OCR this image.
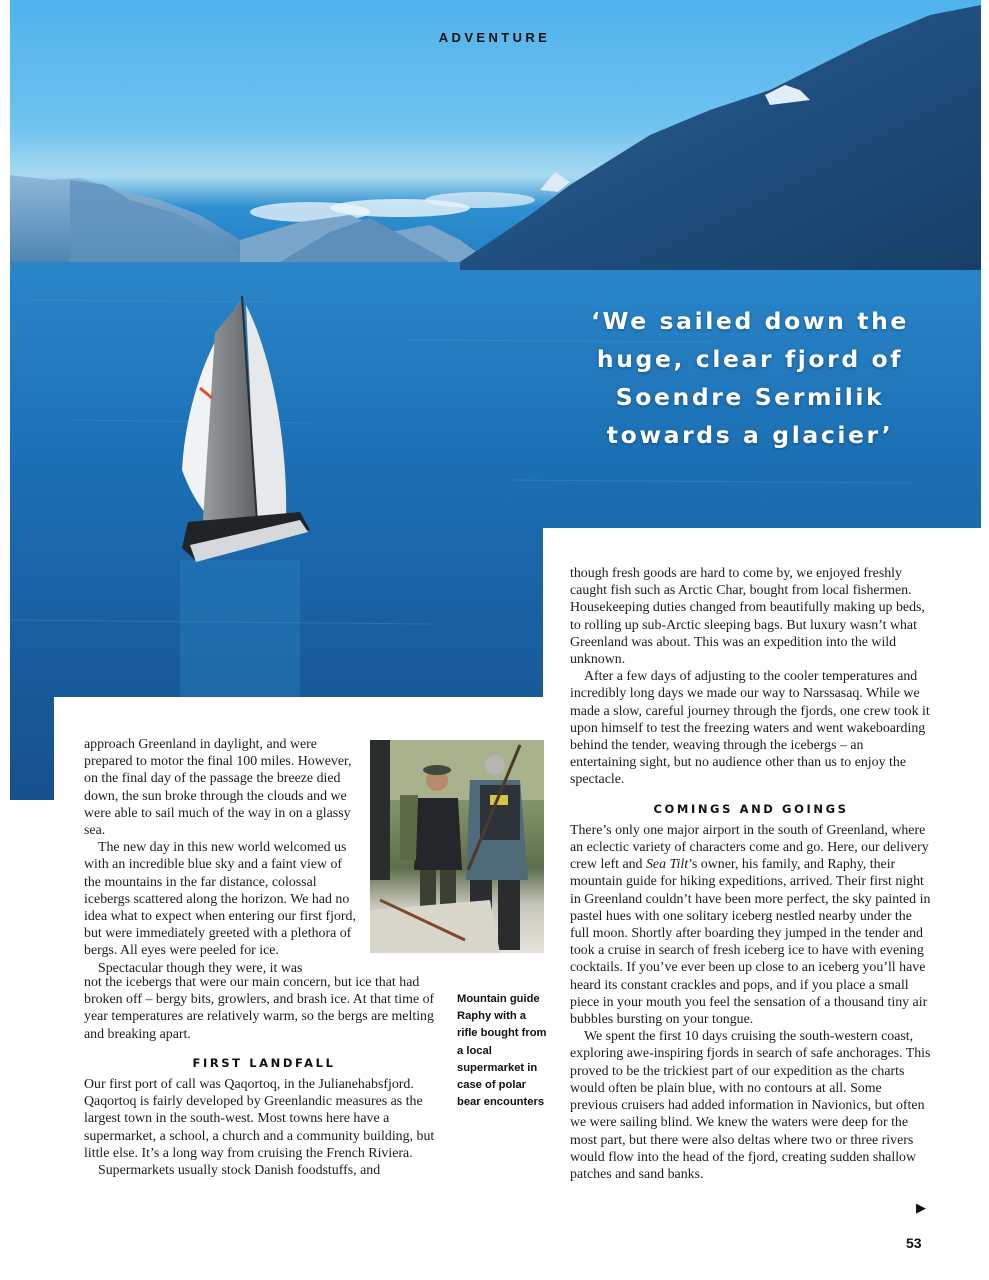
ADVENTURE
‘We sailed down the huge, clear fjord of Soendre Sermilik towards a glacier’

approach Greenland in daylight, and were prepared to motor the final 100 miles. However, on the final day of the passage the breeze died down, the sun broke through the clouds and we were able to sail much of the way in on a glassy sea.

The new day in this new world welcomed us with an incredible blue sky and a faint view of the mountains in the far distance, colossal icebergs scattered along the horizon. We had no idea what to expect when entering our first fjord, but were immediately greeted with a plethora of bergs. All eyes were peeled for ice.

Spectacular though they were, it was

not the icebergs that were our main concern, but ice that had broken off – bergy bits, growlers, and brash ice. At that time of year temperatures are relatively warm, so the bergs are melting and breaking apart.

FIRST LANDFALL

Our first port of call was Qaqortoq, in the Julianehabsfjord. Qaqortoq is fairly developed by Greenlandic measures as the largest town in the south-west. Most towns here have a supermarket, a school, a church and a community building, but little else. It’s a long way from cruising the French Riviera.

Supermarkets usually stock Danish foodstuffs, and

Mountain guide Raphy with a rifle bought from a local supermarket in case of polar bear encounters

though fresh goods are hard to come by, we enjoyed freshly caught fish such as Arctic Char, bought from local fishermen. Housekeeping duties changed from beautifully making up beds, to rolling up sub-Arctic sleeping bags. But luxury wasn’t what Greenland was about. This was an expedition into the wild unknown.

After a few days of adjusting to the cooler temperatures and incredibly long days we made our way to Narssasaq. While we made a slow, careful journey through the fjords, one crew took it upon himself to test the freezing waters and went wakeboarding behind the tender, weaving through the icebergs – an entertaining sight, but no audience other than us to enjoy the spectacle.

COMINGS AND GOINGS

There’s only one major airport in the south of Greenland, where an eclectic variety of characters come and go. Here, our delivery crew left and Sea Tilt’s owner, his family, and Raphy, their mountain guide for hiking expeditions, arrived. Their first night in Greenland couldn’t have been more perfect, the sky painted in pastel hues with one solitary iceberg nestled nearby under the full moon. Shortly after boarding they jumped in the tender and took a cruise in search of fresh iceberg ice to have with evening cocktails. If you’ve ever been up close to an iceberg you’ll have heard its constant crackles and pops, and if you place a small piece in your mouth you feel the sensation of a thousand tiny air bubbles bursting on your tongue.

We spent the first 10 days cruising the south-western coast, exploring awe-inspiring fjords in search of safe anchorages. This proved to be the trickiest part of our expedition as the charts would often be plain blue, with no contours at all. Some previous cruisers had added information in Navionics, but often we were sailing blind. We knew the waters were deep for the most part, but there were also deltas where two or three rivers would flow into the head of the fjord, creating sudden shallow patches and sand banks.

▶
53
